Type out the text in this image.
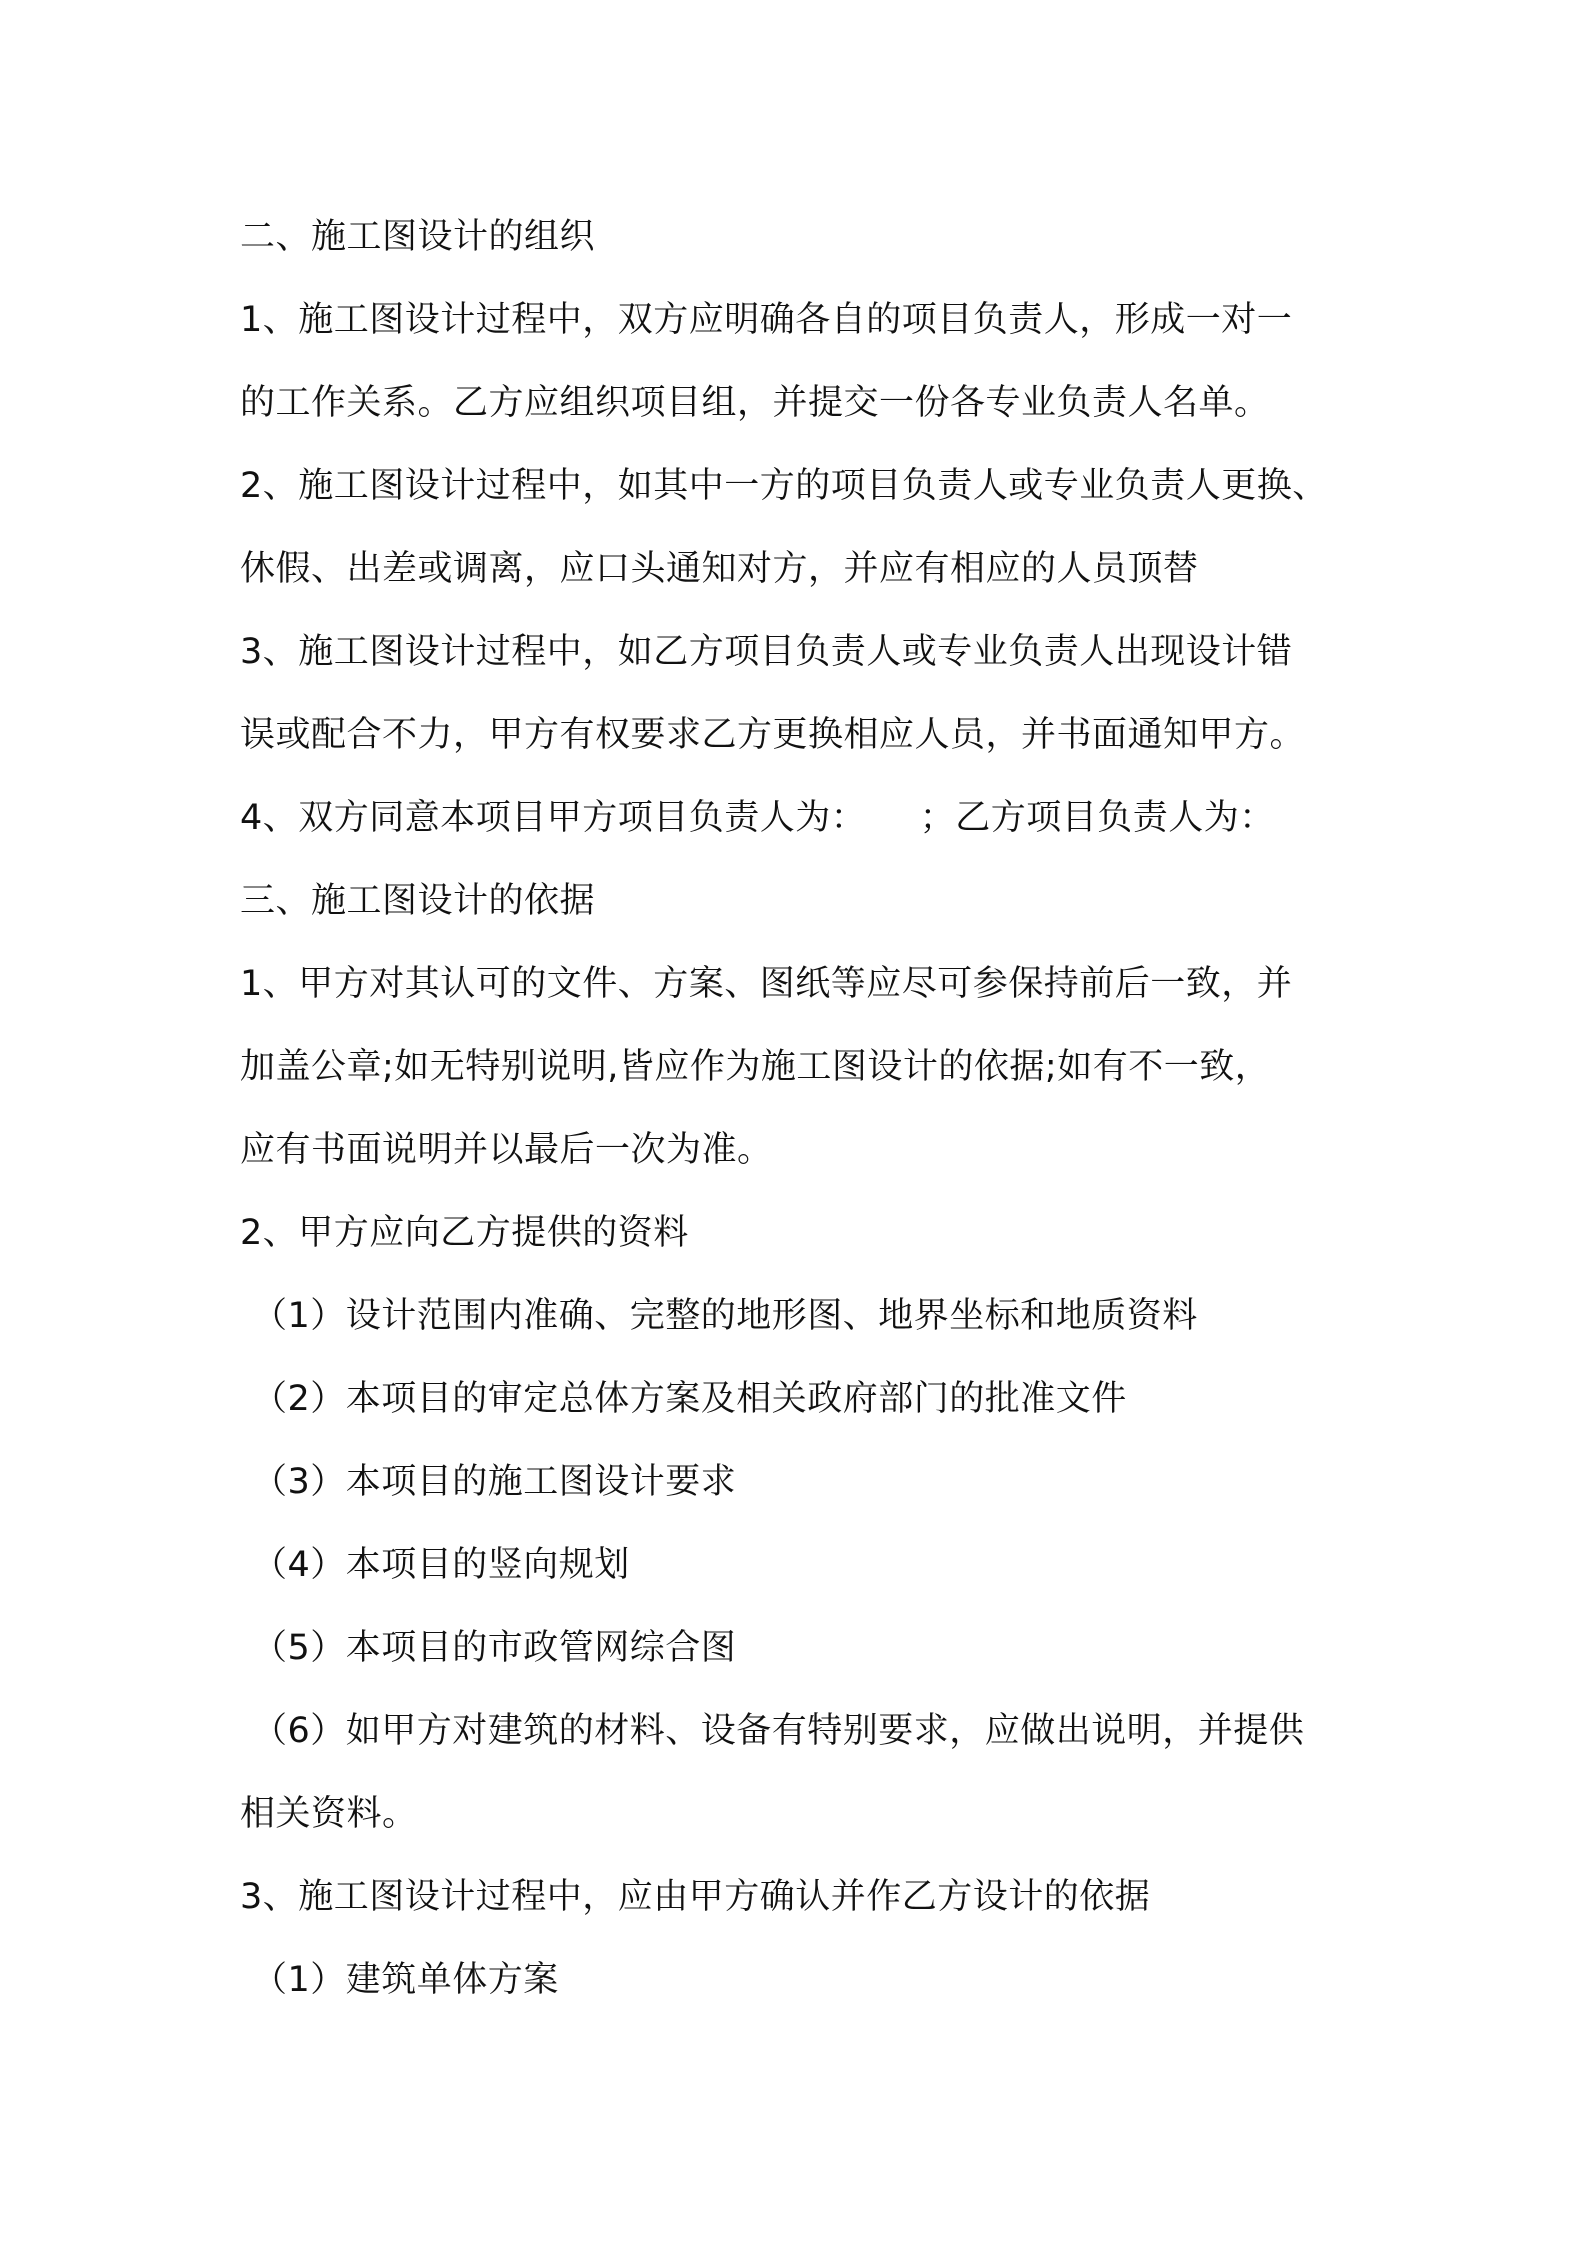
二、施工图设计的组织
1、施工图设计过程中，双方应明确各自的项目负责人，形成一对一
的工作关系。乙方应组织项目组，并提交一份各专业负责人名单。
2、施工图设计过程中，如其中一方的项目负责人或专业负责人更换、
休假、出差或调离，应口头通知对方，并应有相应的人员顶替
3、施工图设计过程中，如乙方项目负责人或专业负责人出现设计错
误或配合不力，甲方有权要求乙方更换相应人员，并书面通知甲方。
4、双方同意本项目甲方项目负责人为：　　；乙方项目负责人为：
三、施工图设计的依据
1、甲方对其认可的文件、方案、图纸等应尽可参保持前后一致，并
加盖公章;如无特别说明,皆应作为施工图设计的依据;如有不一致，
应有书面说明并以最后一次为准。
2、甲方应向乙方提供的资料
（1）设计范围内准确、完整的地形图、地界坐标和地质资料
（2）本项目的审定总体方案及相关政府部门的批准文件
（3）本项目的施工图设计要求
（4）本项目的竖向规划
（5）本项目的市政管网综合图
（6）如甲方对建筑的材料、设备有特别要求，应做出说明，并提供
相关资料。
3、施工图设计过程中，应由甲方确认并作乙方设计的依据
（1）建筑单体方案
